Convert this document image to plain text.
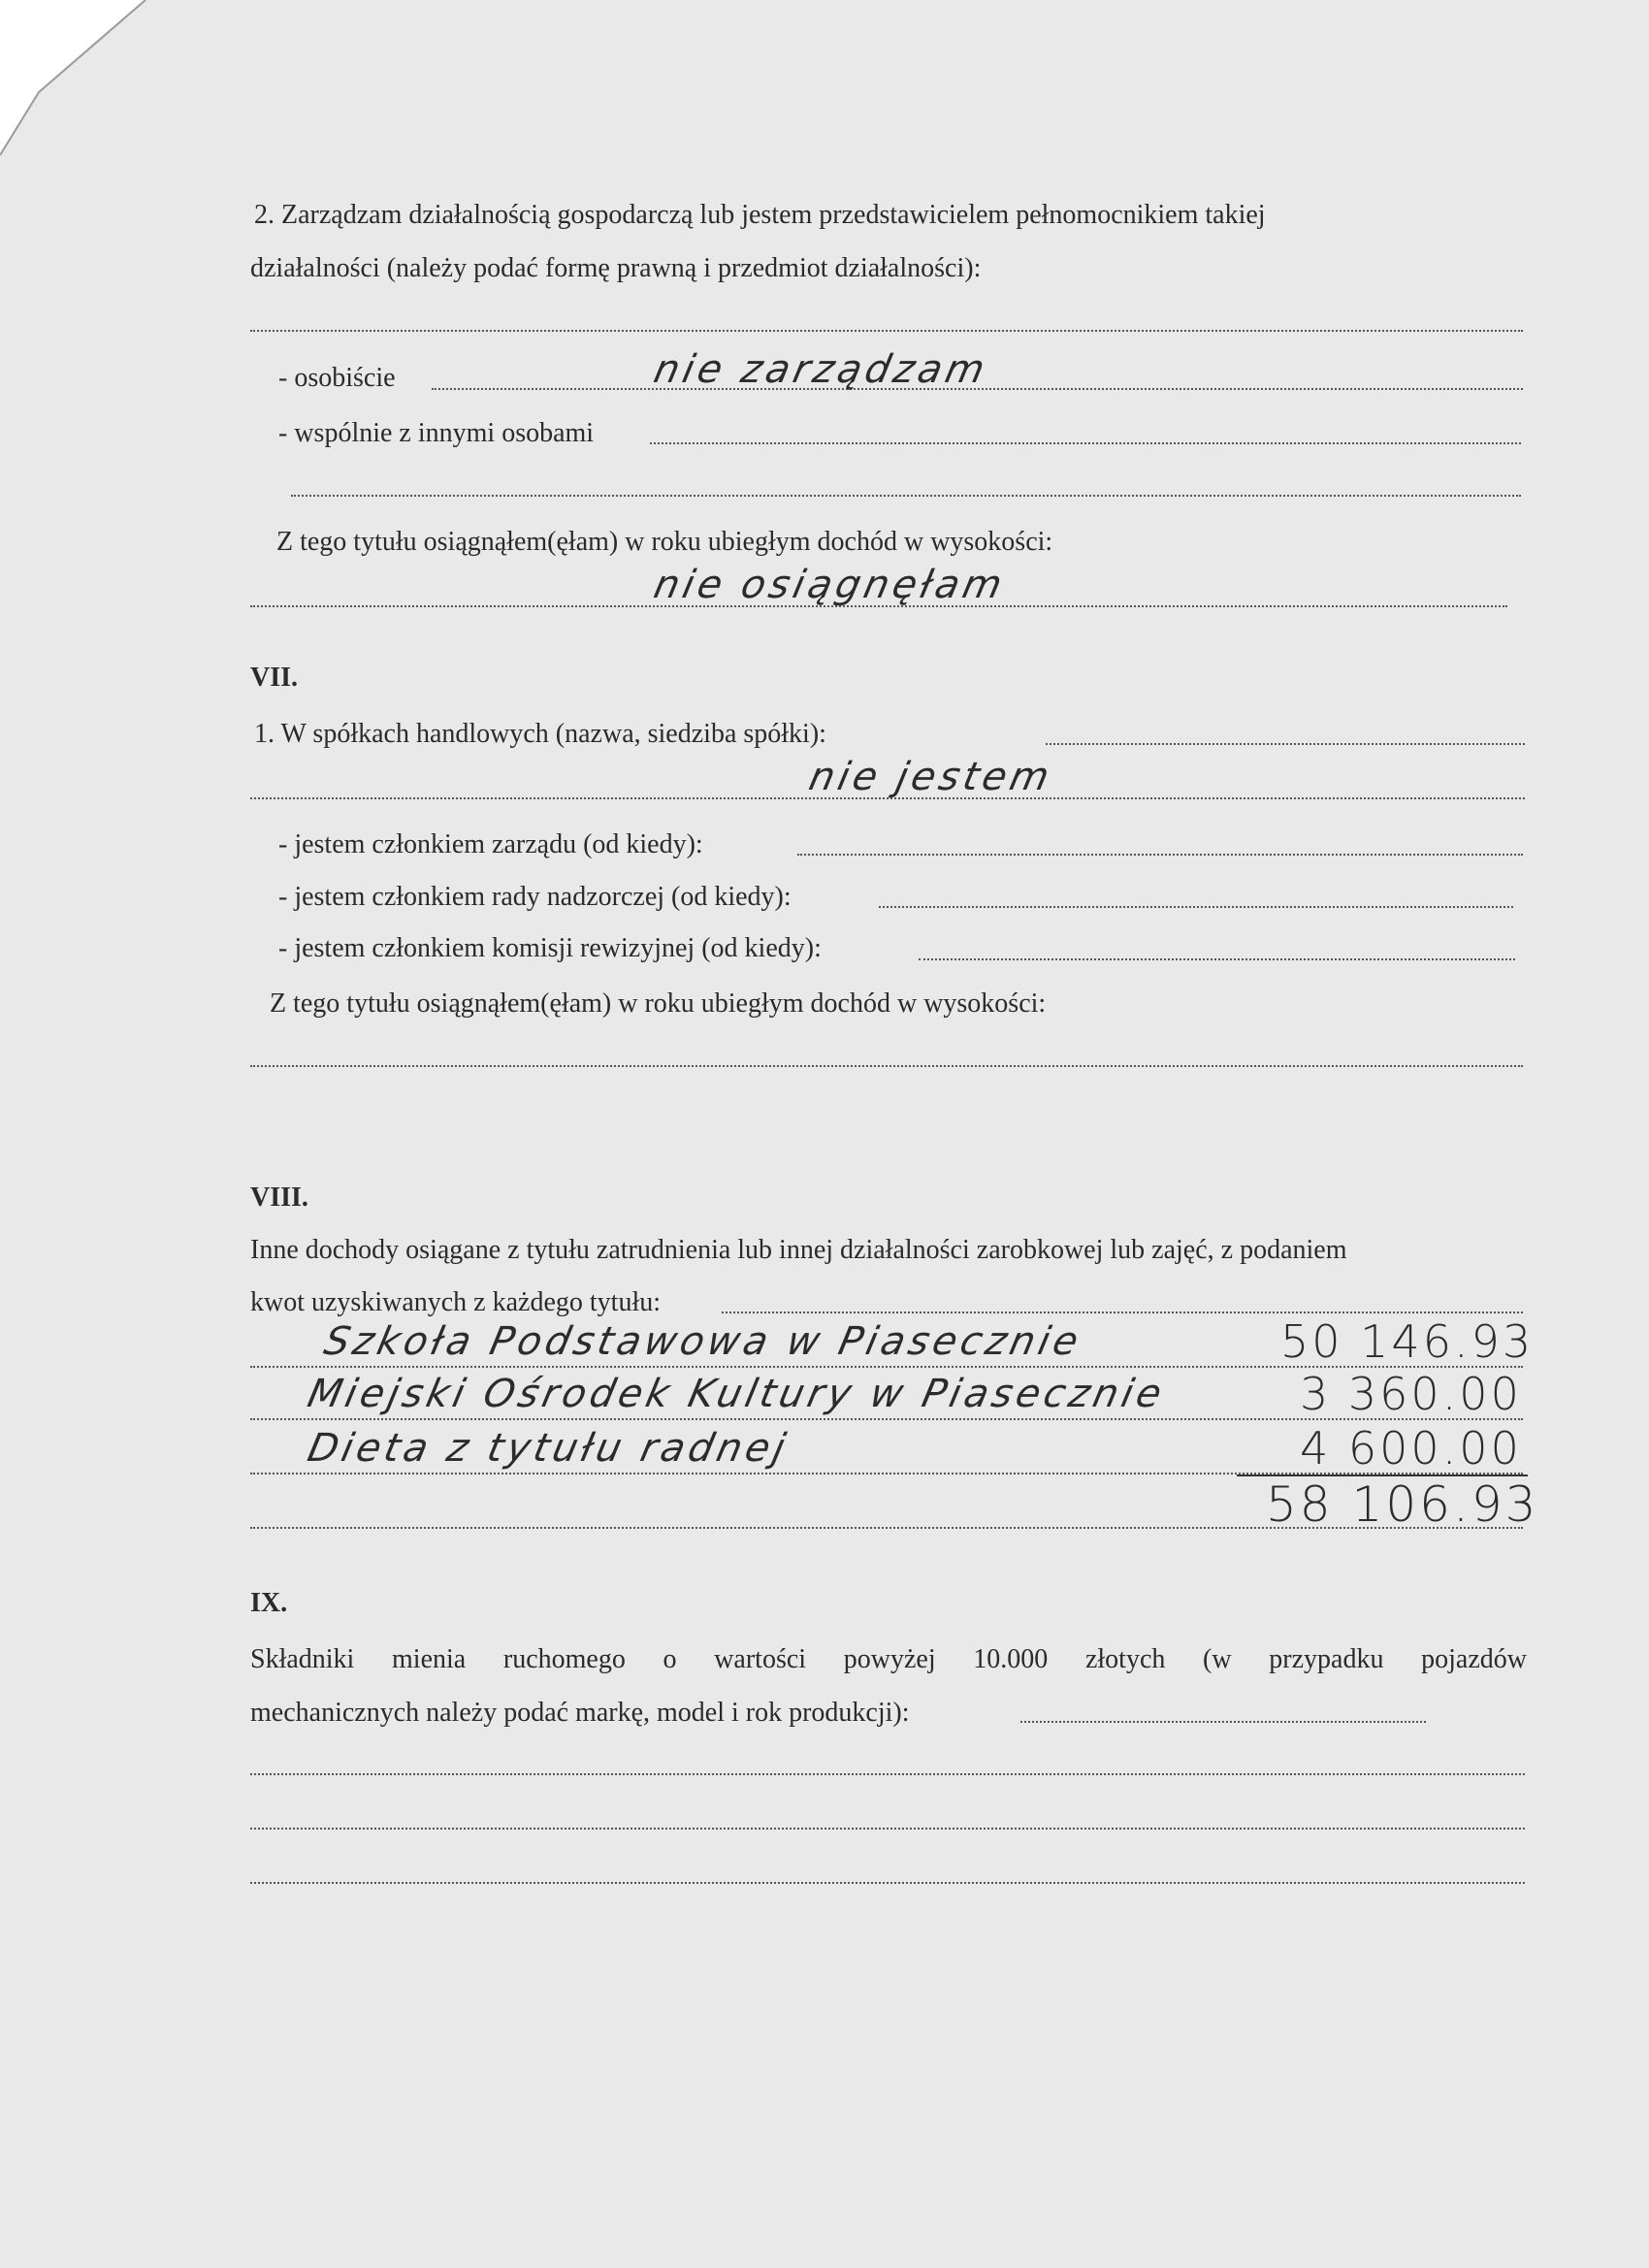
2. Zarządzam działalnością gospodarczą lub jestem przedstawicielem pełnomocnikiem takiej
działalności (należy podać formę prawną i przedmiot działalności):
- osobiście	nie zarządzam
- wspólnie z innymi osobami
Z tego tytułu osiągnąłem(ęłam) w roku ubiegłym dochód w wysokości:
nie osiągnęłam
VII.
1. W spółkach handlowych (nazwa, siedziba spółki):
nie jestem
- jestem członkiem zarządu (od kiedy):
- jestem członkiem rady nadzorczej (od kiedy):
- jestem członkiem komisji rewizyjnej (od kiedy):
Z tego tytułu osiągnąłem(ęłam) w roku ubiegłym dochód w wysokości:
VIII.
Inne dochody osiągane z tytułu zatrudnienia lub innej działalności zarobkowej lub zajęć, z podaniem
kwot uzyskiwanych z każdego tytułu:
Szkoła Podstawowa w Piasecznie	50 146.93
Miejski Ośrodek Kultury w Piasecznie	3 360.00
Dieta z tytułu radnej	4 600.00
58 106.93
IX.
Składniki mienia ruchomego o wartości powyżej 10.000 złotych (w przypadku pojazdów
mechanicznych należy podać markę, model i rok produkcji):
